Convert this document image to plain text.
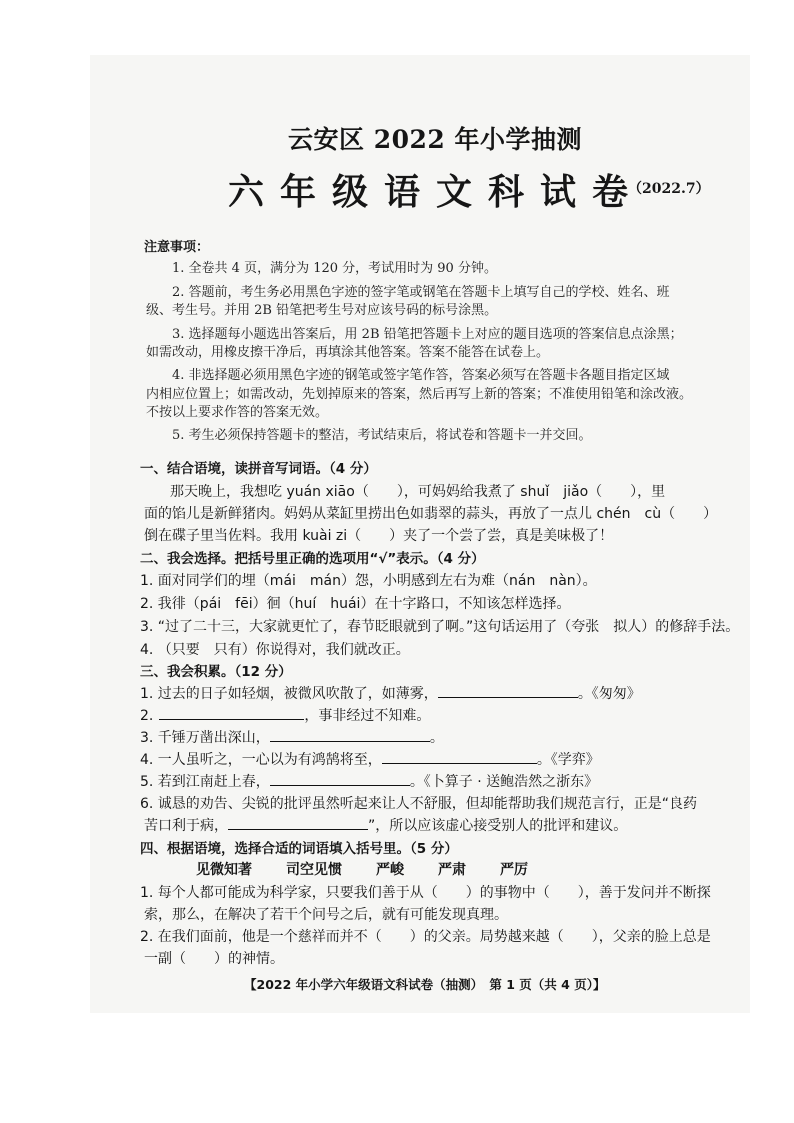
云安区 2022 年小学抽测
六年级语文科试卷
（2022.7）
注意事项：
1. 全卷共 4 页，满分为 120 分，考试用时为 90 分钟。
2. 答题前，考生务必用黑色字迹的签字笔或钢笔在答题卡上填写自己的学校、姓名、班
级、考生号。并用 2B 铅笔把考生号对应该号码的标号涂黑。
3. 选择题每小题选出答案后，用 2B 铅笔把答题卡上对应的题目选项的答案信息点涂黑；
如需改动，用橡皮擦干净后，再填涂其他答案。答案不能答在试卷上。
4. 非选择题必须用黑色字迹的钢笔或签字笔作答，答案必须写在答题卡各题目指定区域
内相应位置上；如需改动，先划掉原来的答案，然后再写上新的答案；不准使用铅笔和涂改液。
不按以上要求作答的答案无效。
5. 考生必须保持答题卡的整洁，考试结束后，将试卷和答题卡一并交回。
一、结合语境，读拼音写词语。（4 分）
那天晚上，我想吃 yuán xiāo（　　），可妈妈给我煮了 shuǐ　jiǎo（　　），里
面的馅儿是新鲜猪肉。妈妈从菜缸里捞出色如翡翠的蒜头，再放了一点儿 chén　cù（　　）
倒在碟子里当佐料。我用 kuài zi（　　）夹了一个尝了尝，真是美味极了！
二、我会选择。把括号里正确的选项用“√”表示。（4 分）
1. 面对同学们的埋（mái　mán）怨，小明感到左右为难（nán　nàn）。
2. 我徘（pái　fēi）徊（huí　huái）在十字路口，不知该怎样选择。
3. “过了二十三，大家就更忙了，春节眨眼就到了啊。”这句话运用了（夸张　拟人）的修辞手法。
4. （只要　只有）你说得对，我们就改正。
三、我会积累。（12 分）
1. 过去的日子如轻烟，被微风吹散了，如薄雾，	。《匆匆》
2.	，事非经过不知难。
3. 千锤万凿出深山，	。
4. 一人虽听之，一心以为有鸿鹄将至，	。《学弈》
5. 若到江南赶上春，	。《卜算子 · 送鲍浩然之浙东》
6. 诚恳的劝告、尖锐的批评虽然听起来让人不舒服，但却能帮助我们规范言行，正是“良药
苦口利于病，	”，所以应该虚心接受别人的批评和建议。
四、根据语境，选择合适的词语填入括号里。（5 分）
见微知著 司空见惯 严峻 严肃 严厉
1. 每个人都可能成为科学家，只要我们善于从（　　）的事物中（　　），善于发问并不断探
索，那么，在解决了若干个问号之后，就有可能发现真理。
2. 在我们面前，他是一个慈祥而并不（　　）的父亲。局势越来越（　　），父亲的脸上总是
一副（　　）的神情。
【2022 年小学六年级语文科试卷（抽测）　第 1 页（共 4 页）】
